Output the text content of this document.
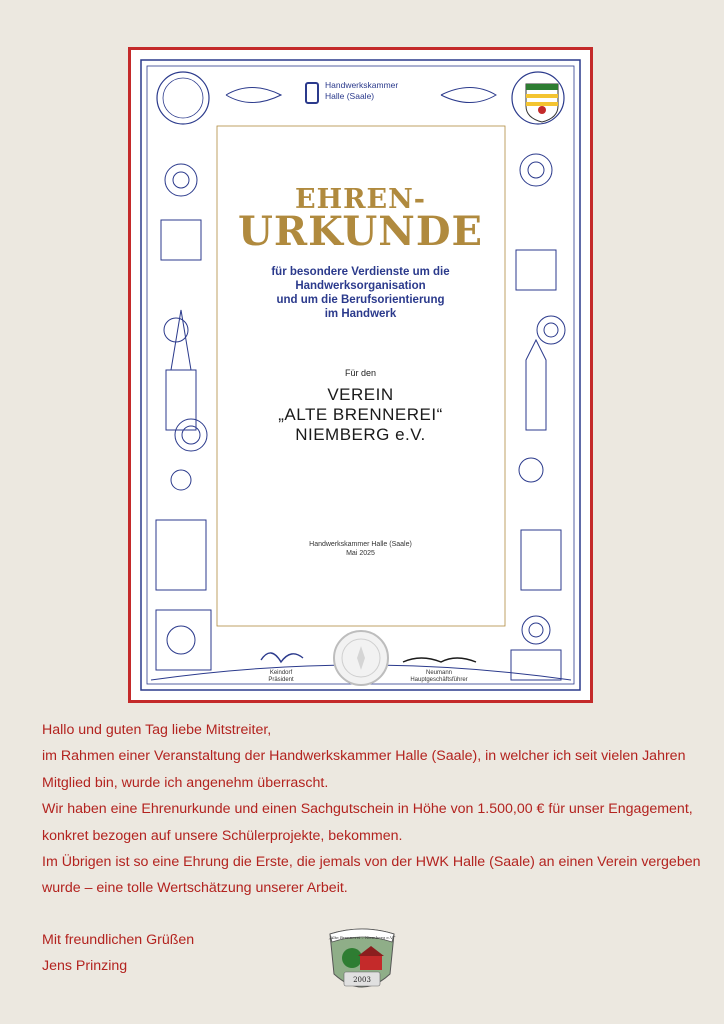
Handwerkskammer
Halle (Saale)
EHREN-
URKUNDE
für besondere Verdienste um die
Handwerksorganisation
und um die Berufsorientierung
im Handwerk
Für den
VEREIN
„ALTE BRENNEREI“
NIEMBERG e.V.
Handwerkskammer Halle (Saale)
Mai 2025
Keindorf
Präsident
Neumann
Hauptgeschäftsführer

Hallo und guten Tag liebe Mitstreiter,

im Rahmen einer Veranstaltung der Handwerkskammer Halle (Saale), in welcher ich seit vielen Jahren Mitglied bin, wurde ich angenehm überrascht.

Wir haben eine Ehrenurkunde und einen Sachgutschein in Höhe von 1.500,00 € für unser Engagement, konkret bezogen auf unsere Schülerprojekte, bekommen.

Im Übrigen ist so eine Ehrung die Erste, die jemals von der HWK Halle (Saale) an einen Verein vergeben wurde – eine tolle Wertschätzung unserer Arbeit.

Mit freundlichen Grüßen
Jens Prinzing
„Alte Brennerei – Niemberg e.V.“
2003
